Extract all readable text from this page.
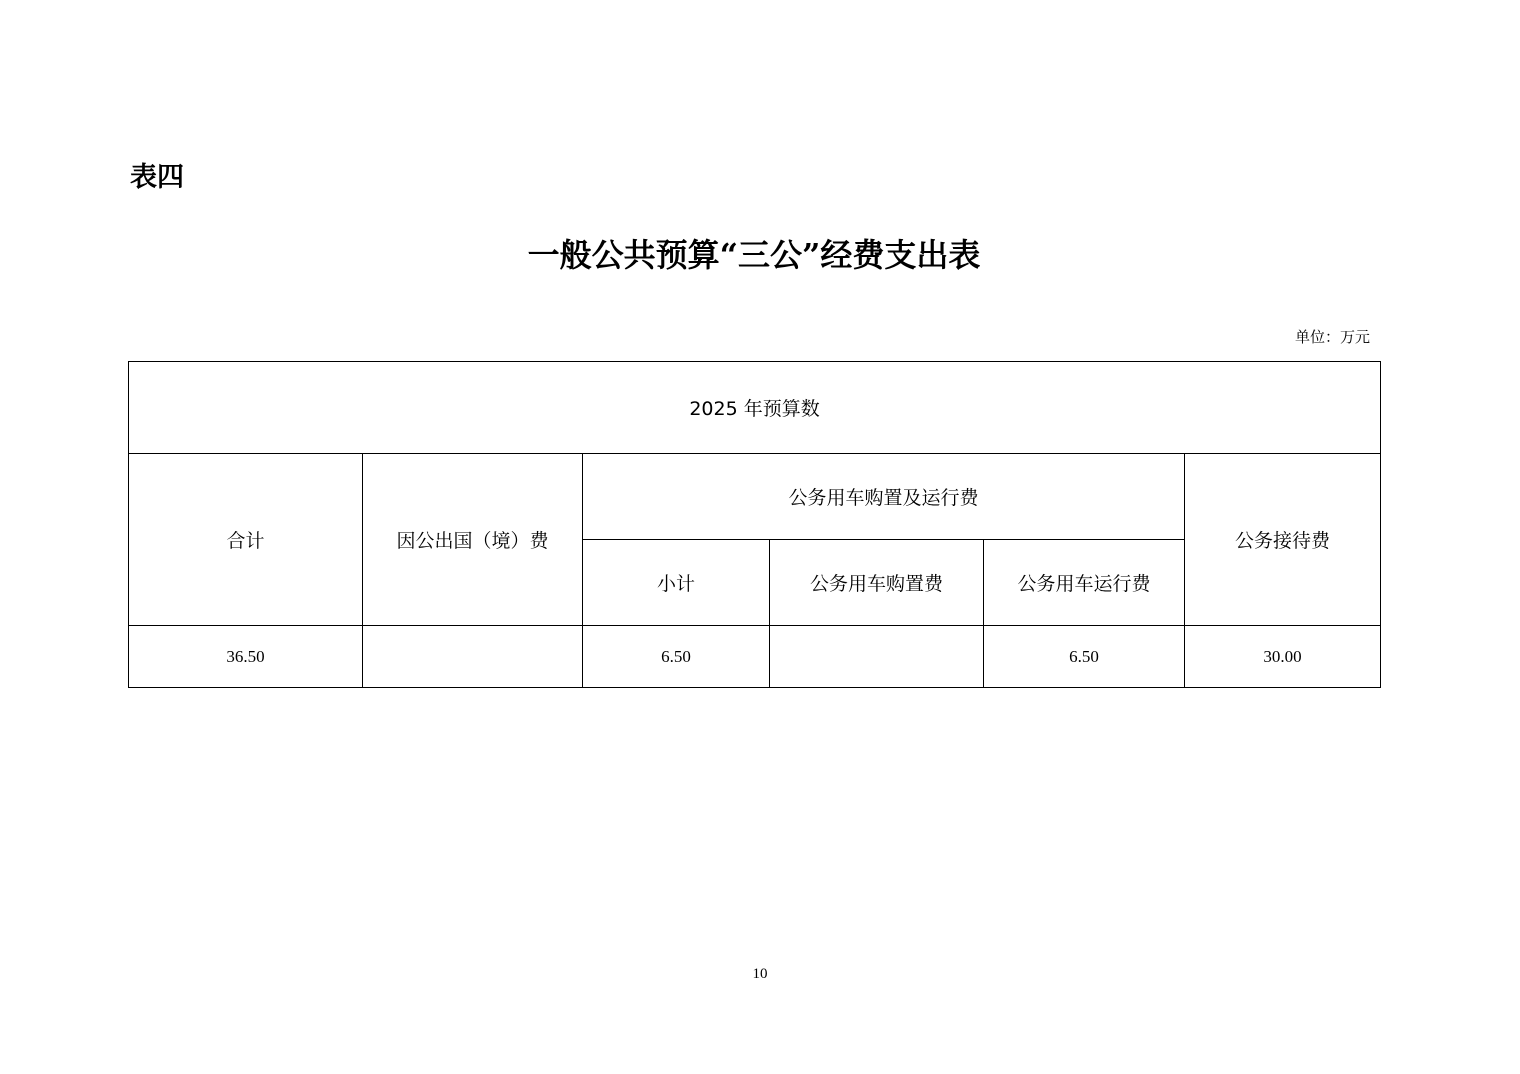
表四
一般公共预算“三公”经费支出表
单位：万元
2025 年预算数					
合计	因公出国（境）费	公务用车购置及运行费			公务接待费
		小计	公务用车购置费	公务用车运行费	
36.50		6.50		6.50	30.00
10
